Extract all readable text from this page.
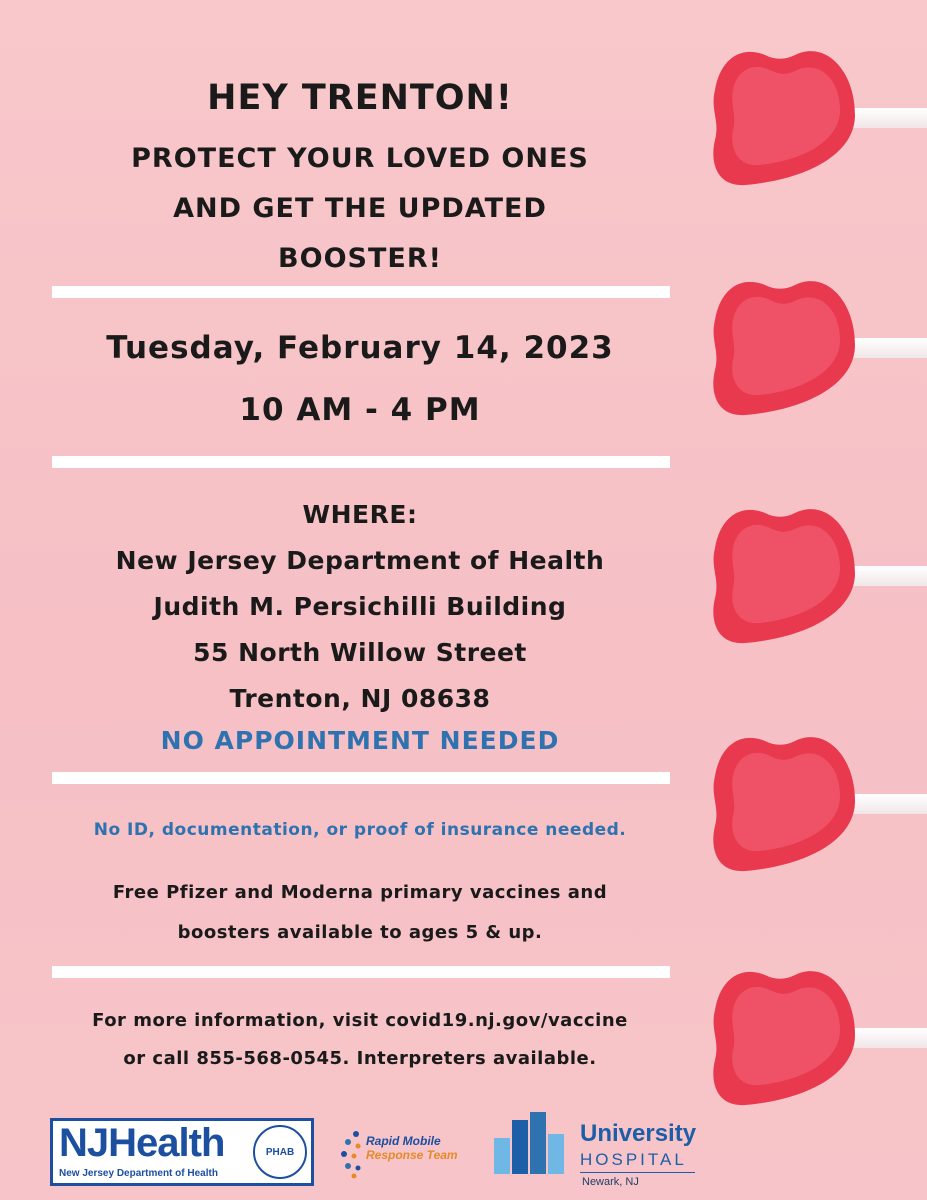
HEY TRENTON!
PROTECT YOUR LOVED ONES
AND GET THE UPDATED
BOOSTER!
Tuesday, February 14, 2023
10 AM - 4 PM
WHERE:
New Jersey Department of Health
Judith M. Persichilli Building
55 North Willow Street
Trenton, NJ 08638
NO APPOINTMENT NEEDED
No ID, documentation, or proof of insurance needed.
Free Pfizer and Moderna primary vaccines and
boosters available to ages 5 & up.
For more information, visit covid19.nj.gov/vaccine
or call 855-568-0545. Interpreters available.
NJHealth
New Jersey Department of Health
PHAB
Rapid Mobile
Response Team
University
HOSPITAL
Newark, NJ
